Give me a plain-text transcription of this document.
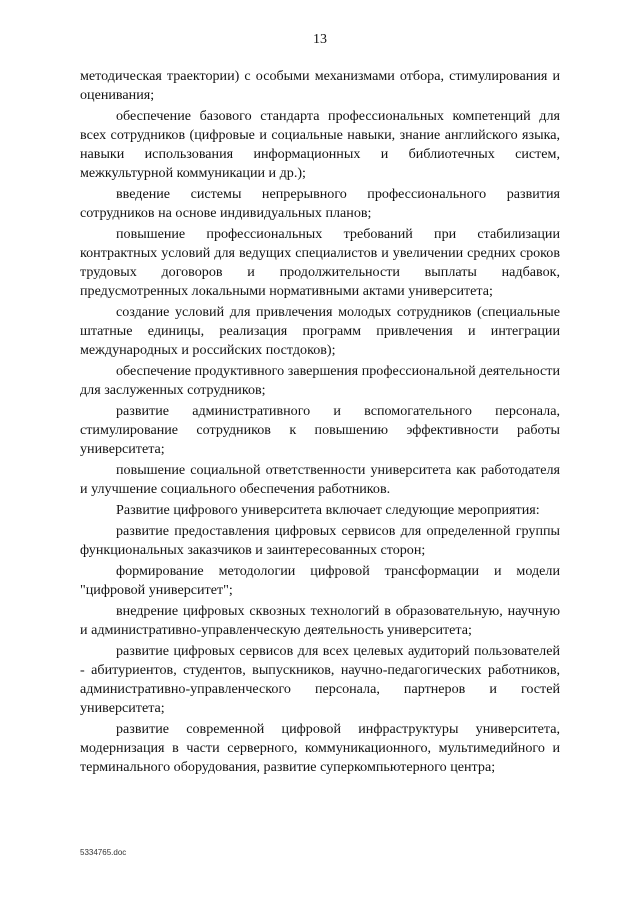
13

методическая траектории) с особыми механизмами отбора, стимулирования и оценивания;

обеспечение базового стандарта профессиональных компетенций для всех сотрудников (цифровые и социальные навыки, знание английского языка, навыки использования информационных и библиотечных систем, межкультурной коммуникации и др.);

введение системы непрерывного профессионального развития сотрудников на основе индивидуальных планов;

повышение профессиональных требований при стабилизации контрактных условий для ведущих специалистов и увеличении средних сроков трудовых договоров и продолжительности выплаты надбавок, предусмотренных локальными нормативными актами университета;

создание условий для привлечения молодых сотрудников (специальные штатные единицы, реализация программ привлечения и интеграции международных и российских постдоков);

обеспечение продуктивного завершения профессиональной деятельности для заслуженных сотрудников;

развитие административного и вспомогательного персонала, стимулирование сотрудников к повышению эффективности работы университета;

повышение социальной ответственности университета как работодателя и улучшение социального обеспечения работников.

Развитие цифрового университета включает следующие мероприятия:

развитие предоставления цифровых сервисов для определенной группы функциональных заказчиков и заинтересованных сторон;

формирование методологии цифровой трансформации и модели "цифровой университет";

внедрение цифровых сквозных технологий в образовательную, научную и административно-управленческую деятельность университета;

развитие цифровых сервисов для всех целевых аудиторий пользователей - абитуриентов, студентов, выпускников, научно-педагогических работников, административно-управленческого персонала, партнеров и гостей университета;

развитие современной цифровой инфраструктуры университета, модернизация в части серверного, коммуникационного, мультимедийного и терминального оборудования, развитие суперкомпьютерного центра;

5334765.doc
